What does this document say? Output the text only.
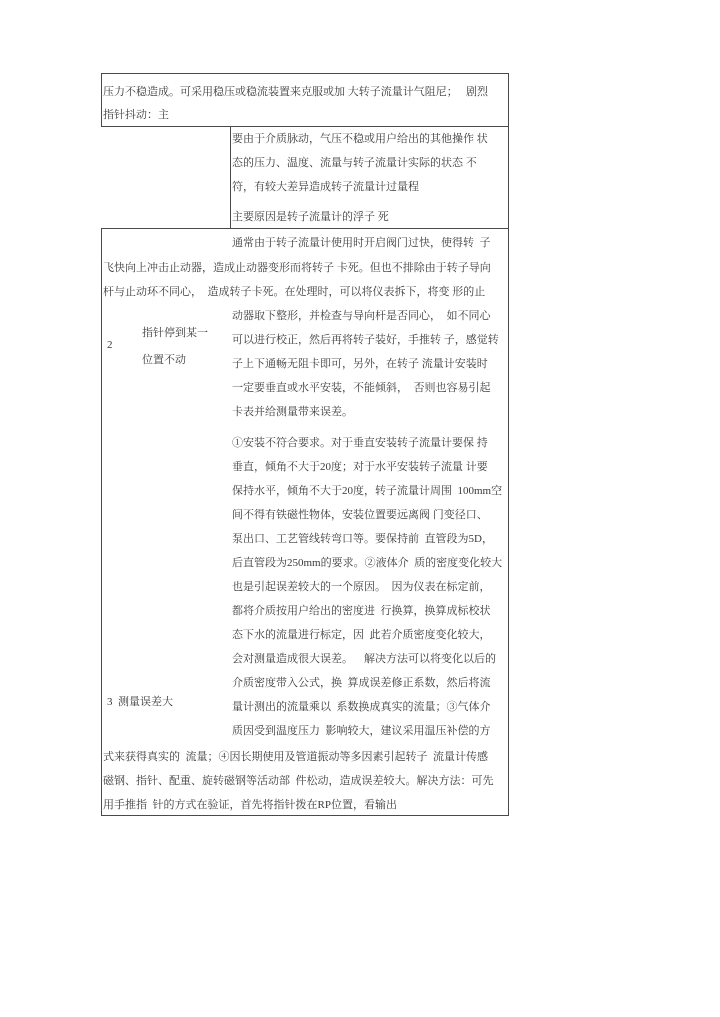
压力不稳造成。可采用稳压或稳流装置来克服或加 大转子流量计气阻尼；   剧烈
指针抖动：主
要由于介质脉动，气压不稳或用户给出的其他操作 状
态的压力、温度、流量与转子流量计实际的状态 不
符，有较大差异造成转子流量计过量程
主要原因是转子流量计的浮子 死
2
指针停到某一
位置不动
通常由于转子流量计使用时开启阀门过快，使得转  子
飞快向上冲击止动器，造成止动器变形而将转子 卡死。但也不排除由于转子导向
杆与止动环不同心，  造成转子卡死。在处理时，可以将仪表拆下，将变 形的止
动器取下整形，并检查与导向杆是否同心，  如不同心
可以进行校正，然后再将转子装好，手推转 子，感觉转
子上下通畅无阻卡即可，另外，在转子 流量计安装时
一定要垂直或水平安装，不能倾斜，  否则也容易引起
卡表并给测量带来误差。
3 测量误差大
①安装不符合要求。对于垂直安装转子流量计要保 持
垂直，倾角不大于20度；对于水平安装转子流量 计要
保持水平，倾角不大于20度，转子流量计周围  100mm空
间不得有铁磁性物体，安装位置要远离阀 门变径口、
泵出口、工艺管线转弯口等。要保持前  直管段为5D，
后直管段为250mm的要求。②液体介  质的密度变化较大
也是引起误差较大的一个原因。  因为仪表在标定前，
都将介质按用户给出的密度进  行换算，换算成标校状
态下水的流量进行标定，因  此若介质密度变化较大，
会对测量造成很大误差。    解决方法可以将变化以后的
介质密度带入公式，换  算成误差修正系数，然后将流
量计测出的流量乘以  系数换成真实的流量；③气体介
质因受到温度压力  影响较大，建议采用温压补偿的方
式来获得真实的  流量；④因长期使用及管道振动等多因素引起转子  流量计传感
磁钢、指针、配重、旋转磁钢等活动部  件松动，造成误差较大。解决方法：可先
用手推指  针的方式在验证，首先将指针拨在RP位置，看输出
